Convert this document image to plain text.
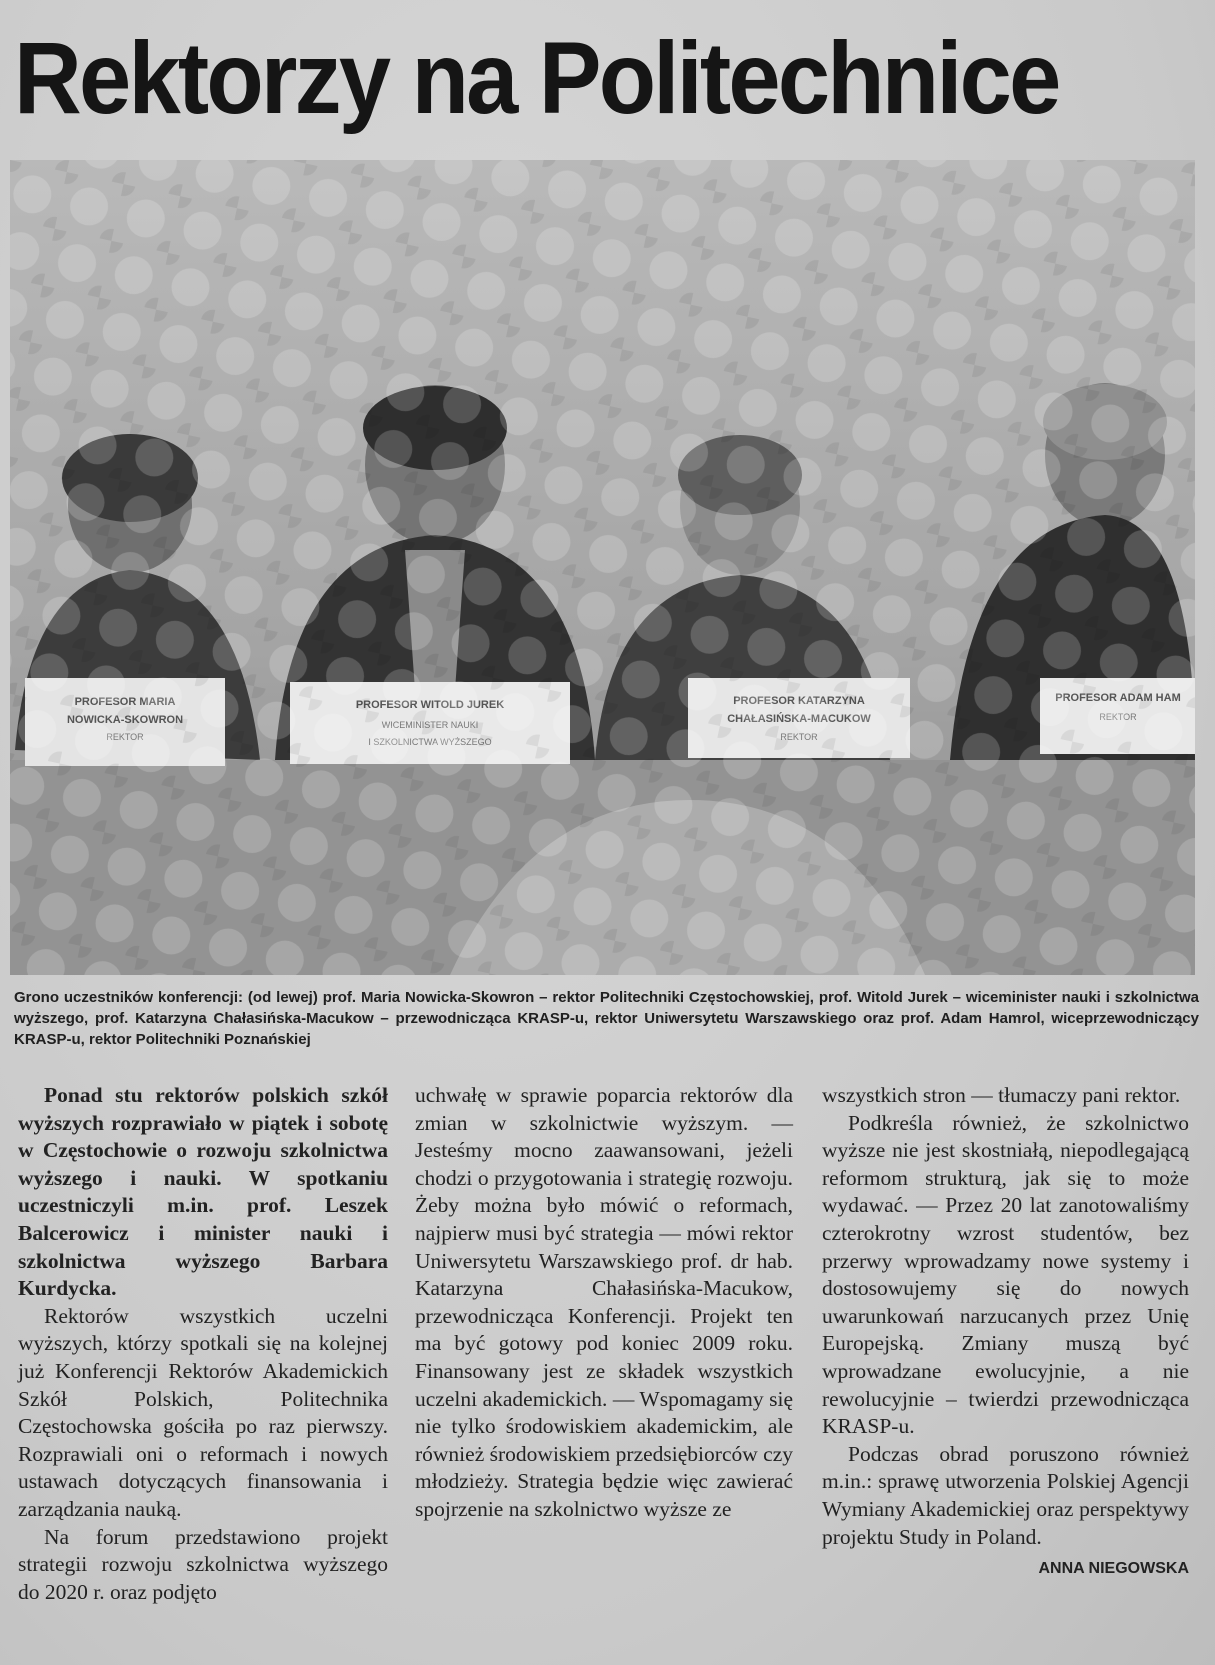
Rektorzy na Politechnice
Grono uczestników konferencji: (od lewej) prof. Maria Nowicka-Skowron – rektor Politechniki Częstochowskiej, prof. Witold Jurek – wiceminister nauki i szkolnictwa wyższego, prof. Katarzyna Chałasińska-Macukow – przewodnicząca KRASP-u, rektor Uniwersytetu Warszawskiego oraz prof. Adam Hamrol, wiceprzewodniczący KRASP-u, rektor Politechniki Poznańskiej

Ponad stu rektorów polskich szkół wyższych rozprawiało w piątek i sobotę w Częstochowie o rozwoju szkolnictwa wyższego i nauki. W spotkaniu uczestniczyli m.in. prof. Leszek Balcerowicz i minister nauki i szkolnictwa wyższego Barbara Kurdycka.

Rektorów wszystkich uczelni wyższych, którzy spotkali się na kolejnej już Konferencji Rektorów Akademickich Szkół Polskich, Politechnika Częstochowska gościła po raz pierwszy. Rozprawiali oni o reformach i nowych ustawach dotyczących finansowania i zarządzania nauką.

Na forum przedstawiono projekt strategii rozwoju szkolnictwa wyższego do 2020 r. oraz podjęto

uchwałę w sprawie poparcia rektorów dla zmian w szkolnictwie wyższym. — Jesteśmy mocno zaawansowani, jeżeli chodzi o przygotowania i strategię rozwoju. Żeby można było mówić o reformach, najpierw musi być strategia — mówi rektor Uniwersytetu Warszawskiego prof. dr hab. Katarzyna Chałasińska-Macukow, przewodnicząca Konferencji. Projekt ten ma być gotowy pod koniec 2009 roku. Finansowany jest ze składek wszystkich uczelni akademickich. — Wspomagamy się nie tylko środowiskiem akademickim, ale również środowiskiem przedsiębiorców czy młodzieży. Strategia będzie więc zawierać spojrzenie na szkolnictwo wyższe ze

wszystkich stron — tłumaczy pani rektor.

Podkreśla również, że szkolnictwo wyższe nie jest skostniałą, niepodlegającą reformom strukturą, jak się to może wydawać. — Przez 20 lat zanotowaliśmy czterokrotny wzrost studentów, bez przerwy wprowadzamy nowe systemy i dostosowujemy się do nowych uwarunkowań narzucanych przez Unię Europejską. Zmiany muszą być wprowadzane ewolucyjnie, a nie rewolucyjnie – twierdzi przewodnicząca KRASP-u.

Podczas obrad poruszono również m.in.: sprawę utworzenia Polskiej Agencji Wymiany Akademickiej oraz perspektywy projektu Study in Poland.
ANNA NIEGOWSKA
